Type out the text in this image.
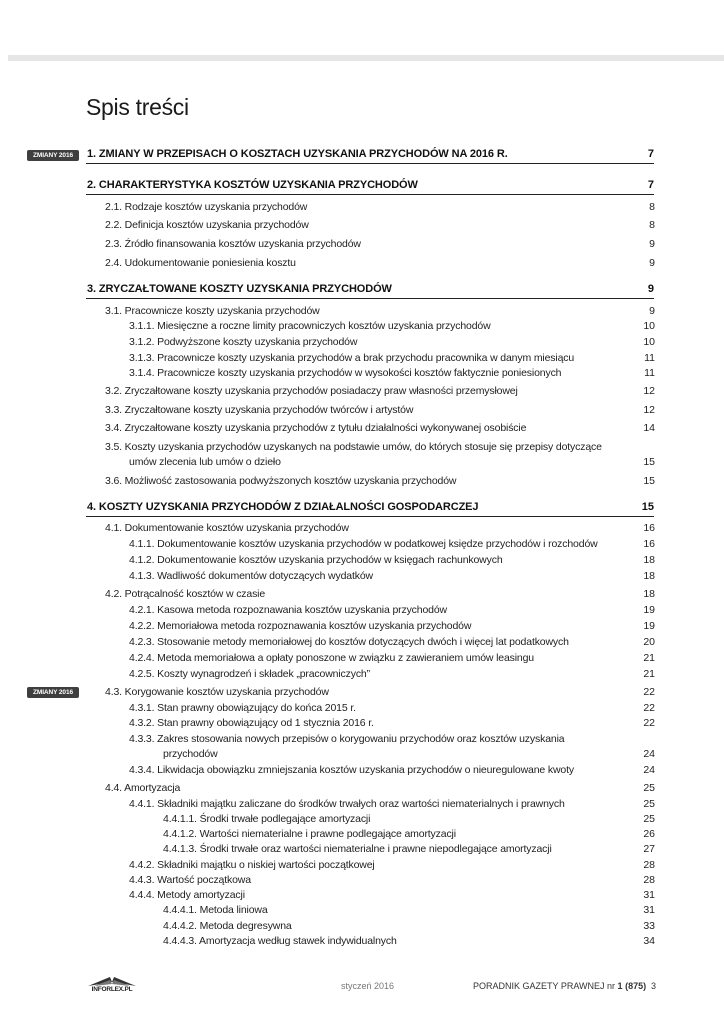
Spis treści
1. ZMIANY W PRZEPISACH O KOSZTACH UZYSKANIA PRZYCHODÓW NA 2016 R.	7
ZMIANY 2016
2. CHARAKTERYSTYKA KOSZTÓW UZYSKANIA PRZYCHODÓW	7
2.1. Rodzaje kosztów uzyskania przychodów	8
2.2. Definicja kosztów uzyskania przychodów	8
2.3. Źródło finansowania kosztów uzyskania przychodów	9
2.4. Udokumentowanie poniesienia kosztu	9
3. ZRYCZAŁTOWANE KOSZTY UZYSKANIA PRZYCHODÓW	9
3.1. Pracownicze koszty uzyskania przychodów	9
3.1.1. Miesięczne a roczne limity pracowniczych kosztów uzyskania przychodów	10
3.1.2. Podwyższone koszty uzyskania przychodów	10
3.1.3. Pracownicze koszty uzyskania przychodów a brak przychodu pracownika w danym miesiącu	11
3.1.4. Pracownicze koszty uzyskania przychodów w wysokości kosztów faktycznie poniesionych	11
3.2. Zryczałtowane koszty uzyskania przychodów posiadaczy praw własności przemysłowej	12
3.3. Zryczałtowane koszty uzyskania przychodów twórców i artystów	12
3.4. Zryczałtowane koszty uzyskania przychodów z tytułu działalności wykonywanej osobiście	14
3.5. Koszty uzyskania przychodów uzyskanych na podstawie umów, do których stosuje się przepisy dotyczące
umów zlecenia lub umów o dzieło	15
3.6. Możliwość zastosowania podwyższonych kosztów uzyskania przychodów	15
4. KOSZTY UZYSKANIA PRZYCHODÓW Z DZIAŁALNOŚCI GOSPODARCZEJ	15
4.1. Dokumentowanie kosztów uzyskania przychodów	16
4.1.1. Dokumentowanie kosztów uzyskania przychodów w podatkowej księdze przychodów i rozchodów	16
4.1.2. Dokumentowanie kosztów uzyskania przychodów w księgach rachunkowych	18
4.1.3. Wadliwość dokumentów dotyczących wydatków	18
4.2. Potrącalność kosztów w czasie	18
4.2.1. Kasowa metoda rozpoznawania kosztów uzyskania przychodów	19
4.2.2. Memoriałowa metoda rozpoznawania kosztów uzyskania przychodów	19
4.2.3. Stosowanie metody memoriałowej do kosztów dotyczących dwóch i więcej lat podatkowych	20
4.2.4. Metoda memoriałowa a opłaty ponoszone w związku z zawieraniem umów leasingu	21
4.2.5. Koszty wynagrodzeń i składek „pracowniczych”	21
4.3. Korygowanie kosztów uzyskania przychodów	22
ZMIANY 2016
4.3.1. Stan prawny obowiązujący do końca 2015 r.	22
4.3.2. Stan prawny obowiązujący od 1 stycznia 2016 r.	22
4.3.3. Zakres stosowania nowych przepisów o korygowaniu przychodów oraz kosztów uzyskania
przychodów	24
4.3.4. Likwidacja obowiązku zmniejszania kosztów uzyskania przychodów o nieuregulowane kwoty	24
4.4. Amortyzacja	25
4.4.1. Składniki majątku zaliczane do środków trwałych oraz wartości niematerialnych i prawnych	25
4.4.1.1. Środki trwałe podlegające amortyzacji	25
4.4.1.2. Wartości niematerialne i prawne podlegające amortyzacji	26
4.4.1.3. Środki trwałe oraz wartości niematerialne i prawne niepodlegające amortyzacji	27
4.4.2. Składniki majątku o niskiej wartości początkowej	28
4.4.3. Wartość początkowa	28
4.4.4. Metody amortyzacji	31
4.4.4.1. Metoda liniowa	31
4.4.4.2. Metoda degresywna	33
4.4.4.3. Amortyzacja według stawek indywidualnych	34
INFORLEX.PL	styczeń 2016	PORADNIK GAZETY PRAWNEJ nr 1 (875) 3
